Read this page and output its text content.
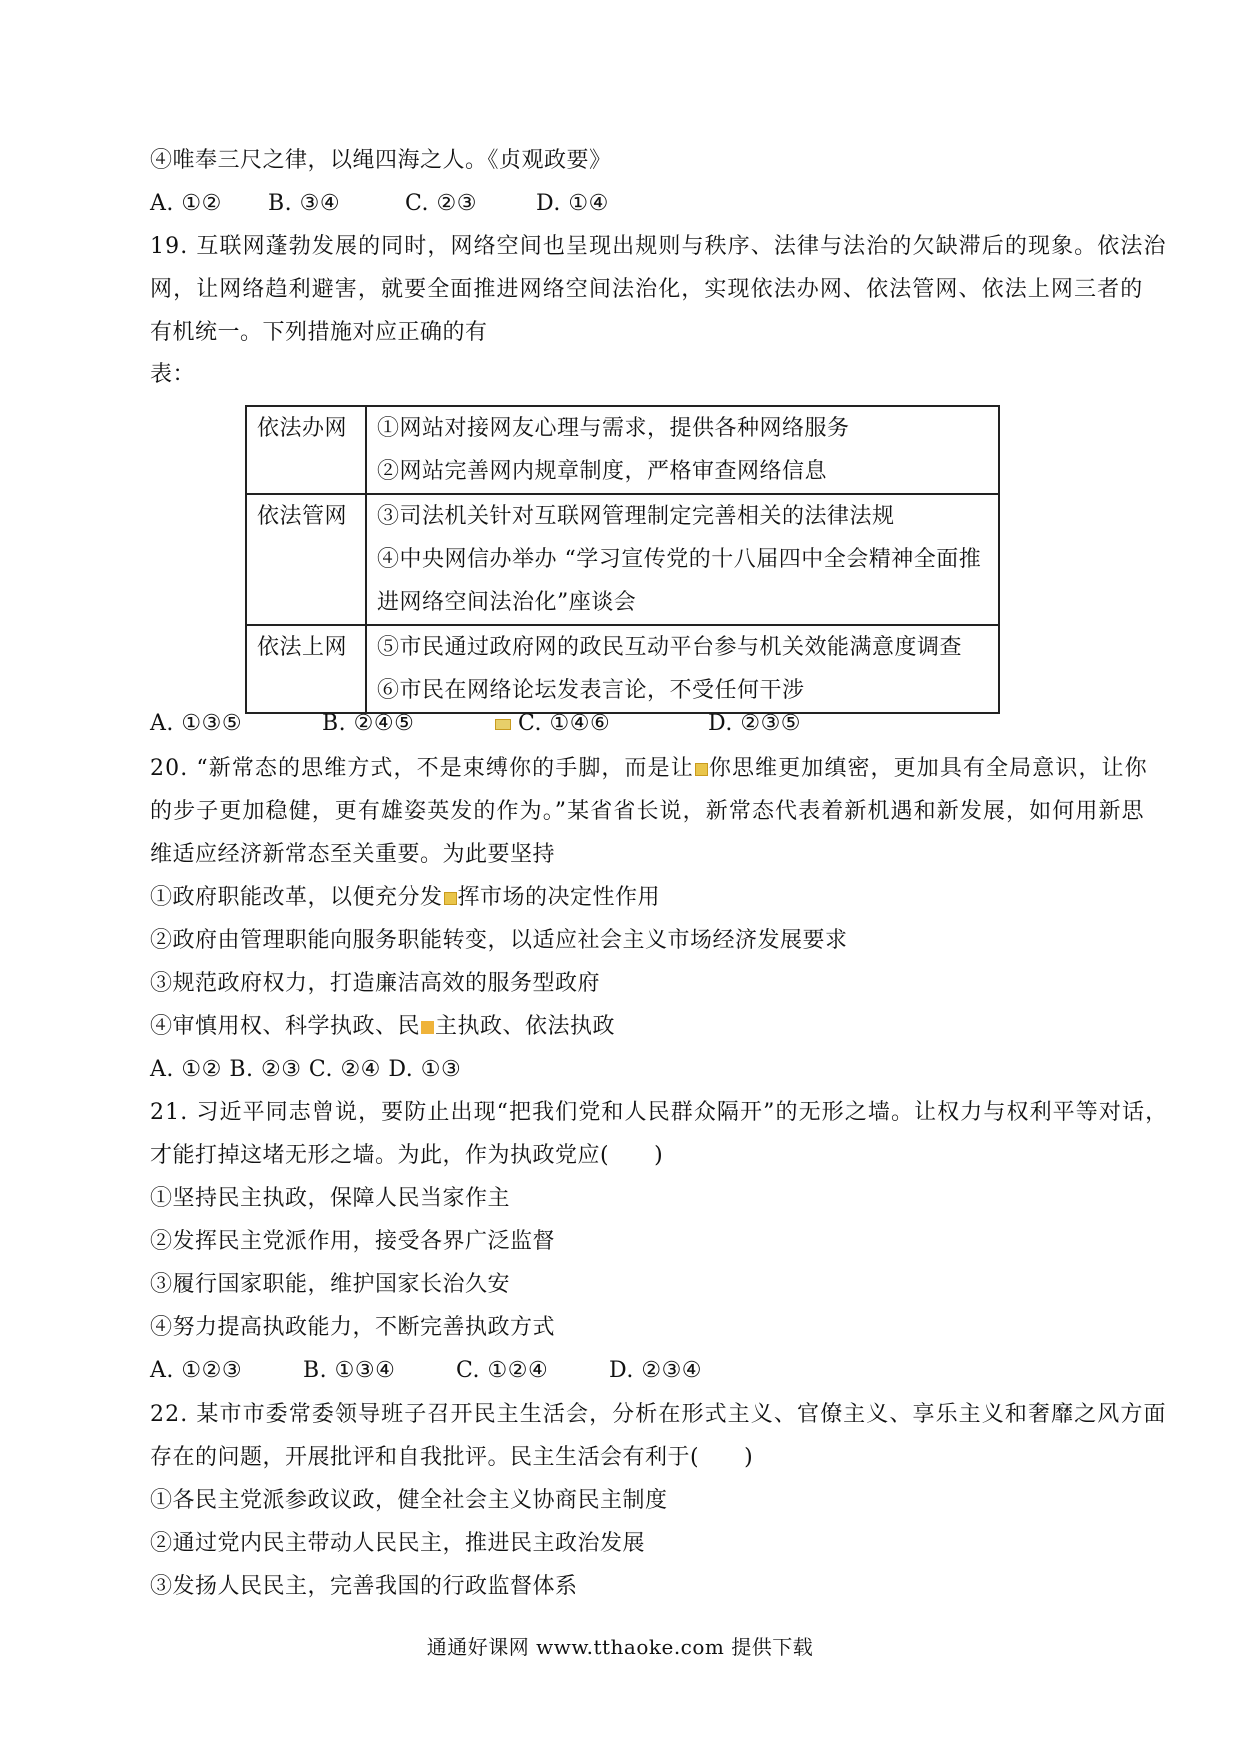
④唯奉三尺之律，以绳四海之人。《贞观政要》
A. ①② B. ③④	C. ②③	D. ①④
19. 互联网蓬勃发展的同时，网络空间也呈现出规则与秩序、法律与法治的欠缺滞后的现象。依法治
网，让网络趋利避害，就要全面推进网络空间法治化，实现依法办网、依法管网、依法上网三者的
有机统一。下列措施对应正确的有
表：
依法办网	①网站对接网友心理与需求，提供各种网络服务
②网站完善网内规章制度，严格审查网络信息

依法管网	③司法机关针对互联网管理制定完善相关的法律法规
④中央网信办举办 “学习宣传党的十八届四中全会精神全面推
进网络空间法治化”座谈会

依法上网	⑤市民通过政府网的政民互动平台参与机关效能满意度调查
⑥市民在网络论坛发表言论，不受任何干涉
A. ①③⑤	B. ②④⑤	C. ①④⑥	D. ②③⑤
20. “新常态的思维方式，不是束缚你的手脚，而是让 你思维更加缜密，更加具有全局意识，让你
的步子更加稳健，更有雄姿英发的作为。”某省省长说，新常态代表着新机遇和新发展，如何用新思
维适应经济新常态至关重要。为此要坚持
①政府职能改革，以便充分发 挥市场的决定性作用
②政府由管理职能向服务职能转变，以适应社会主义市场经济发展要求
③规范政府权力，打造廉洁高效的服务型政府
④审慎用权、科学执政、民 主执政、依法执政
A. ①② B. ②③ C. ②④ D. ①③
21. 习近平同志曾说，要防止出现“把我们党和人民群众隔开”的无形之墙。让权力与权利平等对话，
才能打掉这堵无形之墙。为此，作为执政党应(　　)
①坚持民主执政，保障人民当家作主
②发挥民主党派作用，接受各界广泛监督
③履行国家职能，维护国家长治久安
④努力提高执政能力，不断完善执政方式
A. ①②③	B. ①③④	C. ①②④	D. ②③④
22. 某市市委常委领导班子召开民主生活会，分析在形式主义、官僚主义、享乐主义和奢靡之风方面
存在的问题，开展批评和自我批评。民主生活会有利于(　　)
①各民主党派参政议政，健全社会主义协商民主制度
②通过党内民主带动人民民主，推进民主政治发展
③发扬人民民主，完善我国的行政监督体系
通通好课网 www.tthaoke.com 提供下载
